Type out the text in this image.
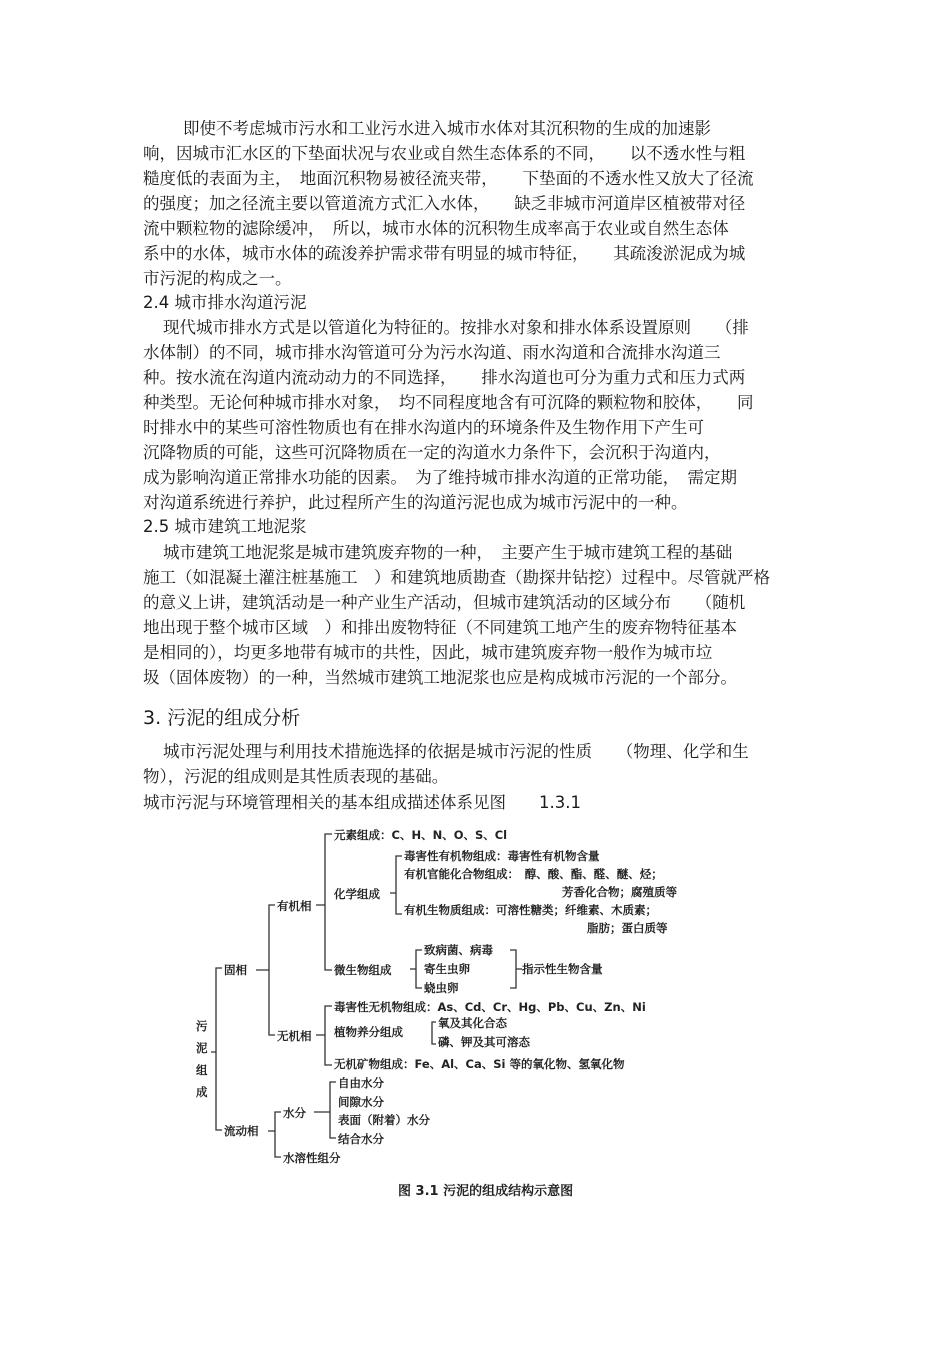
即使不考虑城市污水和工业污水进入城市水体对其沉积物的生成的加速影
响，因城市汇水区的下垫面状况与农业或自然生态体系的不同，　　以不透水性与粗
糙度低的表面为主，　地面沉积物易被径流夹带，　　下垫面的不透水性又放大了径流
的强度；加之径流主要以管道流方式汇入水体，　　缺乏非城市河道岸区植被带对径
流中颗粒物的滤除缓冲，　所以，城市水体的沉积物生成率高于农业或自然生态体
系中的水体，城市水体的疏浚养护需求带有明显的城市特征，　　其疏浚淤泥成为城
市污泥的构成之一。
2.4 城市排水沟道污泥
现代城市排水方式是以管道化为特征的。按排水对象和排水体系设置原则　　（排
水体制）的不同，城市排水沟管道可分为污水沟道、雨水沟道和合流排水沟道三
种。按水流在沟道内流动动力的不同选择，　　排水沟道也可分为重力式和压力式两
种类型。无论何种城市排水对象，　均不同程度地含有可沉降的颗粒物和胶体，　　同
时排水中的某些可溶性物质也有在排水沟道内的环境条件及生物作用下产生可
沉降物质的可能，这些可沉降物质在一定的沟道水力条件下，会沉积于沟道内，
成为影响沟道正常排水功能的因素。　为了维持城市排水沟道的正常功能，　需定期
对沟道系统进行养护，此过程所产生的沟道污泥也成为城市污泥中的一种。
2.5 城市建筑工地泥浆
城市建筑工地泥浆是城市建筑废弃物的一种，　主要产生于城市建筑工程的基础
施工（如混凝土灌注桩基施工　）和建筑地质勘查（勘探井钻挖）过程中。尽管就严格
的意义上讲，建筑活动是一种产业生产活动，但城市建筑活动的区域分布　　（随机
地出现于整个城市区域　）和排出废物特征（不同建筑工地产生的废弃物特征基本
是相同的），均更多地带有城市的共性，因此，城市建筑废弃物一般作为城市垃
圾（固体废物）的一种，当然城市建筑工地泥浆也应是构成城市污泥的一个部分。
3. 污泥的组成分析
城市污泥处理与利用技术措施选择的依据是城市污泥的性质　　（物理、化学和生
物），污泥的组成则是其性质表现的基础。
城市污泥与环境管理相关的基本组成描述体系见图　　1.3.1
污
泥
组
成
固相
有机相
元素组成：C、H、N、O、S、Cl
化学组成
毒害性有机物组成：毒害性有机物含量
有机官能化合物组成：　醇、酸、酯、醛、醚、烃；
芳香化合物；腐殖质等
有机生物质组成：可溶性糖类；纤维素、木质素；
脂肪；蛋白质等
微生物组成
致病菌、病毒
寄生虫卵
蛲虫卵
指示性生物含量
无机相
毒害性无机物组成：As、Cd、Cr、Hg、Pb、Cu、Zn、Ni
植物养分组成
氧及其化合态
磷、钾及其可溶态
无机矿物组成：Fe、Al、Ca、Si 等的氧化物、氢氧化物
流动相
水分
自由水分
间隙水分
表面（附着）水分
结合水分
水溶性组分
图 3.1 污泥的组成结构示意图
